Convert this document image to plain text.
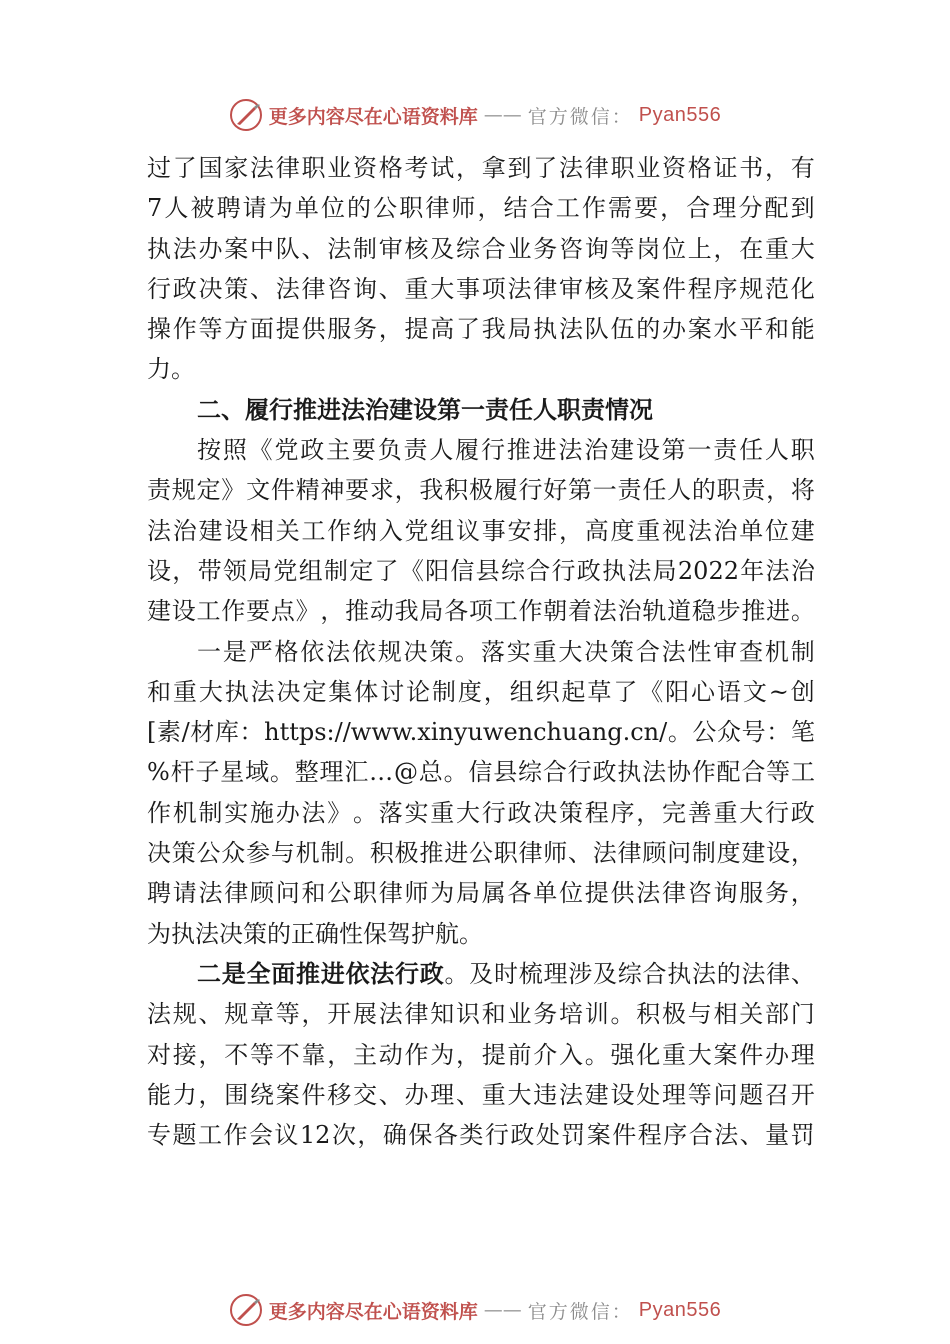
更多内容尽在心语资料库 —— 官方微信： Pyan556
过 了 国 家 法 律 职 业 资 格 考 试 ， 拿 到 了 法 律 职 业 资 格 证 书 ， 有
7 人 被 聘 请 为 单 位 的 公 职 律 师 ， 结 合 工 作 需 要 ， 合 理 分 配 到
执 法 办 案 中 队 、 法 制 审 核 及 综 合 业 务 咨 询 等 岗 位 上 ， 在 重 大
行 政 决 策 、 法 律 咨 询 、 重 大 事 项 法 律 审 核 及 案 件 程 序 规 范 化
操 作 等 方 面 提 供 服 务 ， 提 高 了 我 局 执 法 队 伍 的 办 案 水 平 和 能
力 。
二 、 履 行 推 进 法 治 建 设 第 一 责 任 人 职 责 情 况
按 照 《 党 政 主 要 负 责 人 履 行 推 进 法 治 建 设 第 一 责 任 人 职
责 规 定 》 文 件 精 神 要 求 ， 我 积 极 履 行 好 第 一 责 任 人 的 职 责 ， 将
法 治 建 设 相 关 工 作 纳 入 党 组 议 事 安 排 ， 高 度 重 视 法 治 单 位 建
设 ， 带 领 局 党 组 制 定 了 《 阳 信 县 综 合 行 政 执 法 局 2022 年 法 治
建 设 工 作 要 点 》 ， 推 动 我 局 各 项 工 作 朝 着 法 治 轨 道 稳 步 推 进 。
一 是 严 格 依 法 依 规 决 策 。 落 实 重 大 决 策 合 法 性 审 查 机 制
和 重 大 执 法 决 定 集 体 讨 论 制 度 ， 组 织 起 草 了 《 阳 心 语 文 ~ 创
[ 素 / 材 库 ： https://www.xinyuwenchuang.cn/ 。 公 众 号 ： 笔
% 杆 子 星 域 。 整 理 汇 … @ 总 。 信 县 综 合 行 政 执 法 协 作 配 合 等 工
作 机 制 实 施 办 法 》 。 落 实 重 大 行 政 决 策 程 序 ， 完 善 重 大 行 政
决 策 公 众 参 与 机 制 。 积 极 推 进 公 职 律 师 、 法 律 顾 问 制 度 建 设 ，
聘 请 法 律 顾 问 和 公 职 律 师 为 局 属 各 单 位 提 供 法 律 咨 询 服 务 ，
为 执 法 决 策 的 正 确 性 保 驾 护 航 。
二 是 全 面 推 进 依 法 行 政 。 及 时 梳 理 涉 及 综 合 执 法 的 法 律 、
法 规 、 规 章 等 ， 开 展 法 律 知 识 和 业 务 培 训 。 积 极 与 相 关 部 门
对 接 ， 不 等 不 靠 ， 主 动 作 为 ， 提 前 介 入 。 强 化 重 大 案 件 办 理
能 力 ， 围 绕 案 件 移 交 、 办 理 、 重 大 违 法 建 设 处 理 等 问 题 召 开
专 题 工 作 会 议 12 次 ， 确 保 各 类 行 政 处 罚 案 件 程 序 合 法 、 量 罚
更多内容尽在心语资料库 —— 官方微信： Pyan556
